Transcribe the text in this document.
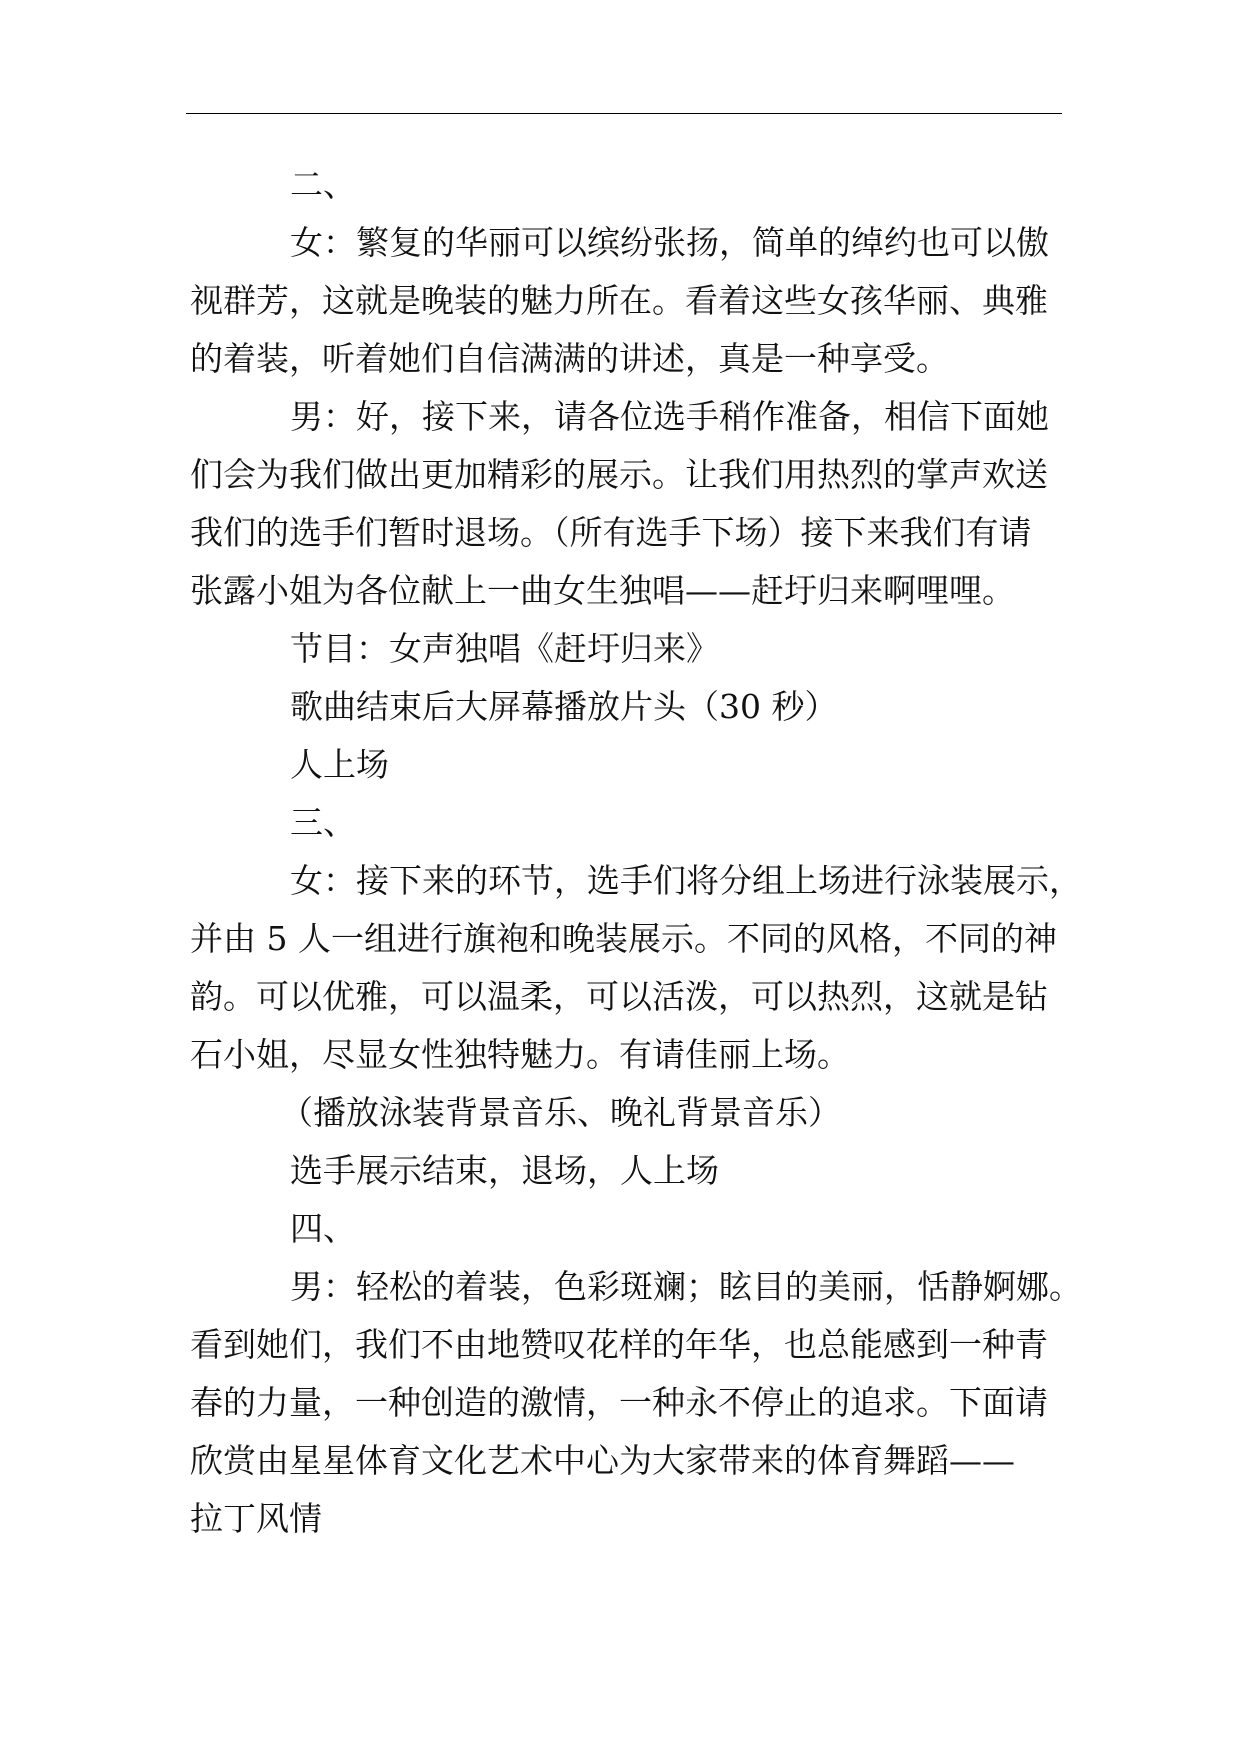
二、
女：繁复的华丽可以缤纷张扬，简单的绰约也可以傲
视群芳，这就是晚装的魅力所在。看着这些女孩华丽、典雅
的着装，听着她们自信满满的讲述，真是一种享受。
男：好，接下来，请各位选手稍作准备，相信下面她
们会为我们做出更加精彩的展示。让我们用热烈的掌声欢送
我们的选手们暂时退场。（所有选手下场）接下来我们有请
张露小姐为各位献上一曲女生独唱——赶圩归来啊哩哩。
节目：女声独唱《赶圩归来》
歌曲结束后大屏幕播放片头（30 秒）
人上场
三、
女：接下来的环节，选手们将分组上场进行泳装展示，
并由 5 人一组进行旗袍和晚装展示。不同的风格，不同的神
韵。可以优雅，可以温柔，可以活泼，可以热烈，这就是钻
石小姐，尽显女性独特魅力。有请佳丽上场。
（播放泳装背景音乐、晚礼背景音乐）
选手展示结束，退场，人上场
四、
男：轻松的着装，色彩斑斓；眩目的美丽，恬静婀娜。
看到她们，我们不由地赞叹花样的年华，也总能感到一种青
春的力量，一种创造的激情，一种永不停止的追求。下面请
欣赏由星星体育文化艺术中心为大家带来的体育舞蹈——
拉丁风情
